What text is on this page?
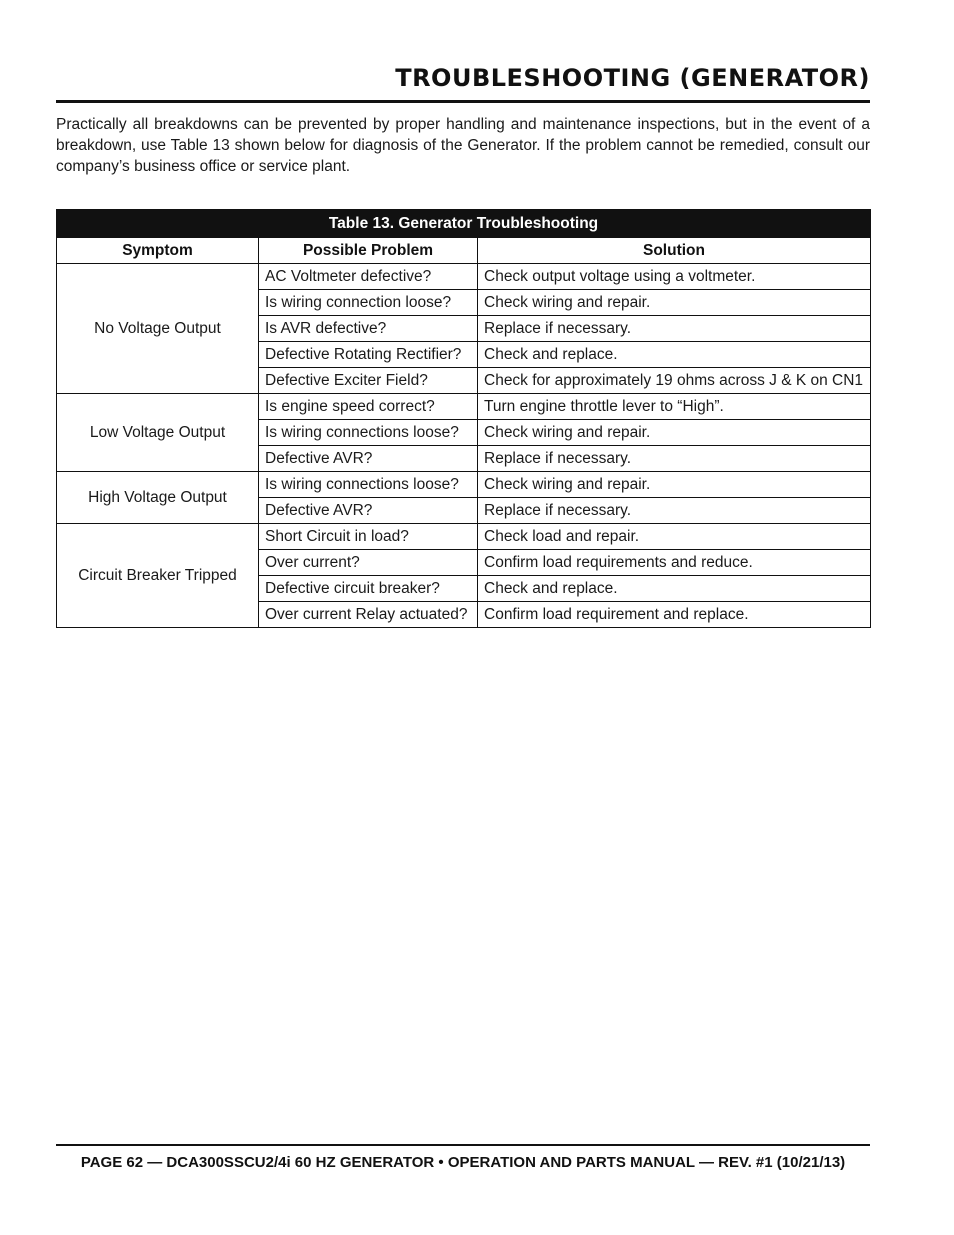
TROUBLESHOOTING (GENERATOR)

Practically all breakdowns can be prevented by proper handling and maintenance inspections, but in the event of a breakdown, use Table 13 shown below for diagnosis of the Generator. If the problem cannot be remedied, consult our company’s business office or service plant.

Table 13. Generator Troubleshooting		
Symptom	Possible Problem	Solution
No Voltage Output	AC Voltmeter defective?	Check output voltage using a voltmeter.
	Is wiring connection loose?	Check wiring and repair.
	Is AVR defective?	Replace if necessary.
	Defective Rotating Rectifier?	Check and replace.
	Defective Exciter Field?	Check for approximately 19 ohms across J & K on CN1
Low Voltage Output	Is engine speed correct?	Turn engine throttle lever to “High”.
	Is wiring connections loose?	Check wiring and repair.
	Defective AVR?	Replace if necessary.
High Voltage Output	Is wiring connections loose?	Check wiring and repair.
	Defective AVR?	Replace if necessary.
Circuit Breaker Tripped	Short Circuit in load?	Check load and repair.
	Over current?	Confirm load requirements and reduce.
	Defective circuit breaker?	Check and replace.
	Over current Relay actuated?	Confirm load requirement and replace.
PAGE 62 — DCA300SSCU2/4i 60 HZ GENERATOR • OPERATION AND PARTS MANUAL — REV. #1 (10/21/13)
